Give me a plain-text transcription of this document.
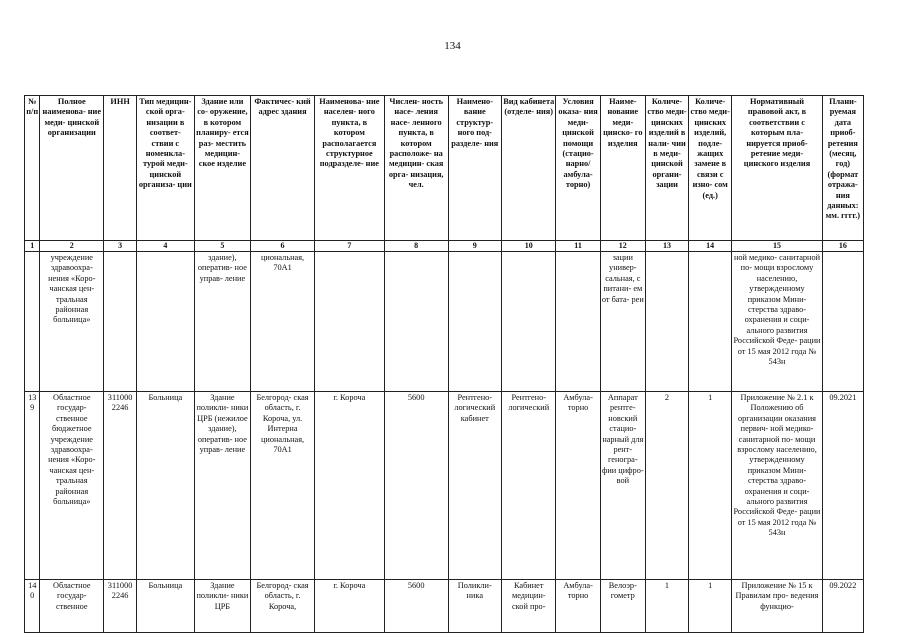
134
№ п/п	Полное наименова- ние меди- цинской организации	ИНН	Тип медицин- ской орга- низации в соответ- ствии с номенкла- турой меди- цинской организа- ции	Здание или со- оружение, в котором планиру- ется раз- местить медицин- ское изделие	Фактичес- кий адрес здания	Наименова- ние населен- ного пункта, в котором располагается структурное подразделе- ние	Числен- ность насе- ления насе- ленного пункта, в котором расположе- на медицин- ская орга- низация, чел.	Наимено- вание структур- ного под- разделе- ния	Вид кабинета (отделе- ния)	Условия оказа- ния меди- цинской помощи (стацио- нарно/ амбула- торно)	Наиме- нование меди- цинско- го изделия	Количе- ство меди- цинских изделий в нали- чии в меди- цинской органи- зации	Количе- ство меди- цинских изделий, подле- жащих замене в связи с изно- сом (ед.)	Нормативный правовой акт, в соответствии с которым пла- нируется приоб- ретение меди- цинского изделия	Плани- руемая дата приоб- ретения (месяц, год) (формат отража- ния данных: мм. гггг.)
1	2	3	4	5	6	7	8	9	10	11	12	13	14	15	16
	учреждение здравоохра- нения «Коро- чанская цен- тральная районная больница»			здание), оператив- ное управ- ление	циональная, 70А1						зации универ- сальная, с питани- ем от бата- реи			ной медико- санитарной по- мощи взрослому населению, утвержденному приказом Мини- стерства здраво- охранения и соци- ального развития Российской Феде- рации от 15 мая 2012 года № 543н	
139	Областное государ- ственное бюджетное учреждение здравоохра- нения «Коро- чанская цен- тральная районная больница»	311000 2246	Больница	Здание поликли- ники ЦРБ (нежилое здание), оператив- ное управ- ление	Белгород- ская область, г. Короча, ул. Интерна циональная, 70А1	г. Короча	5600	Рентгено- логический кабинет	Рентгено- логический	Амбула- торно	Аппарат рентге- новский стацио- нарный для рент- геногра- фии цифро- вой	2	1	Приложение № 2.1 к Положению об организации оказания первич- ной медико- санитарной по- мощи взрослому населению, утвержденному приказом Мини- стерства здраво- охранения и соци- ального развития Российской Феде- рации от 15 мая 2012 года № 543н	09.2021
140	Областное государ- ственное	311000 2246	Больница	Здание поликли- ники ЦРБ	Белгород- ская область, г. Короча,	г. Короча	5600	Поликли- ника	Кабинет медицин- ской про-	Амбула- торно	Велоэр- гометр	1	1	Приложение № 15 к Правилам про- ведения функцио-	09.2022
